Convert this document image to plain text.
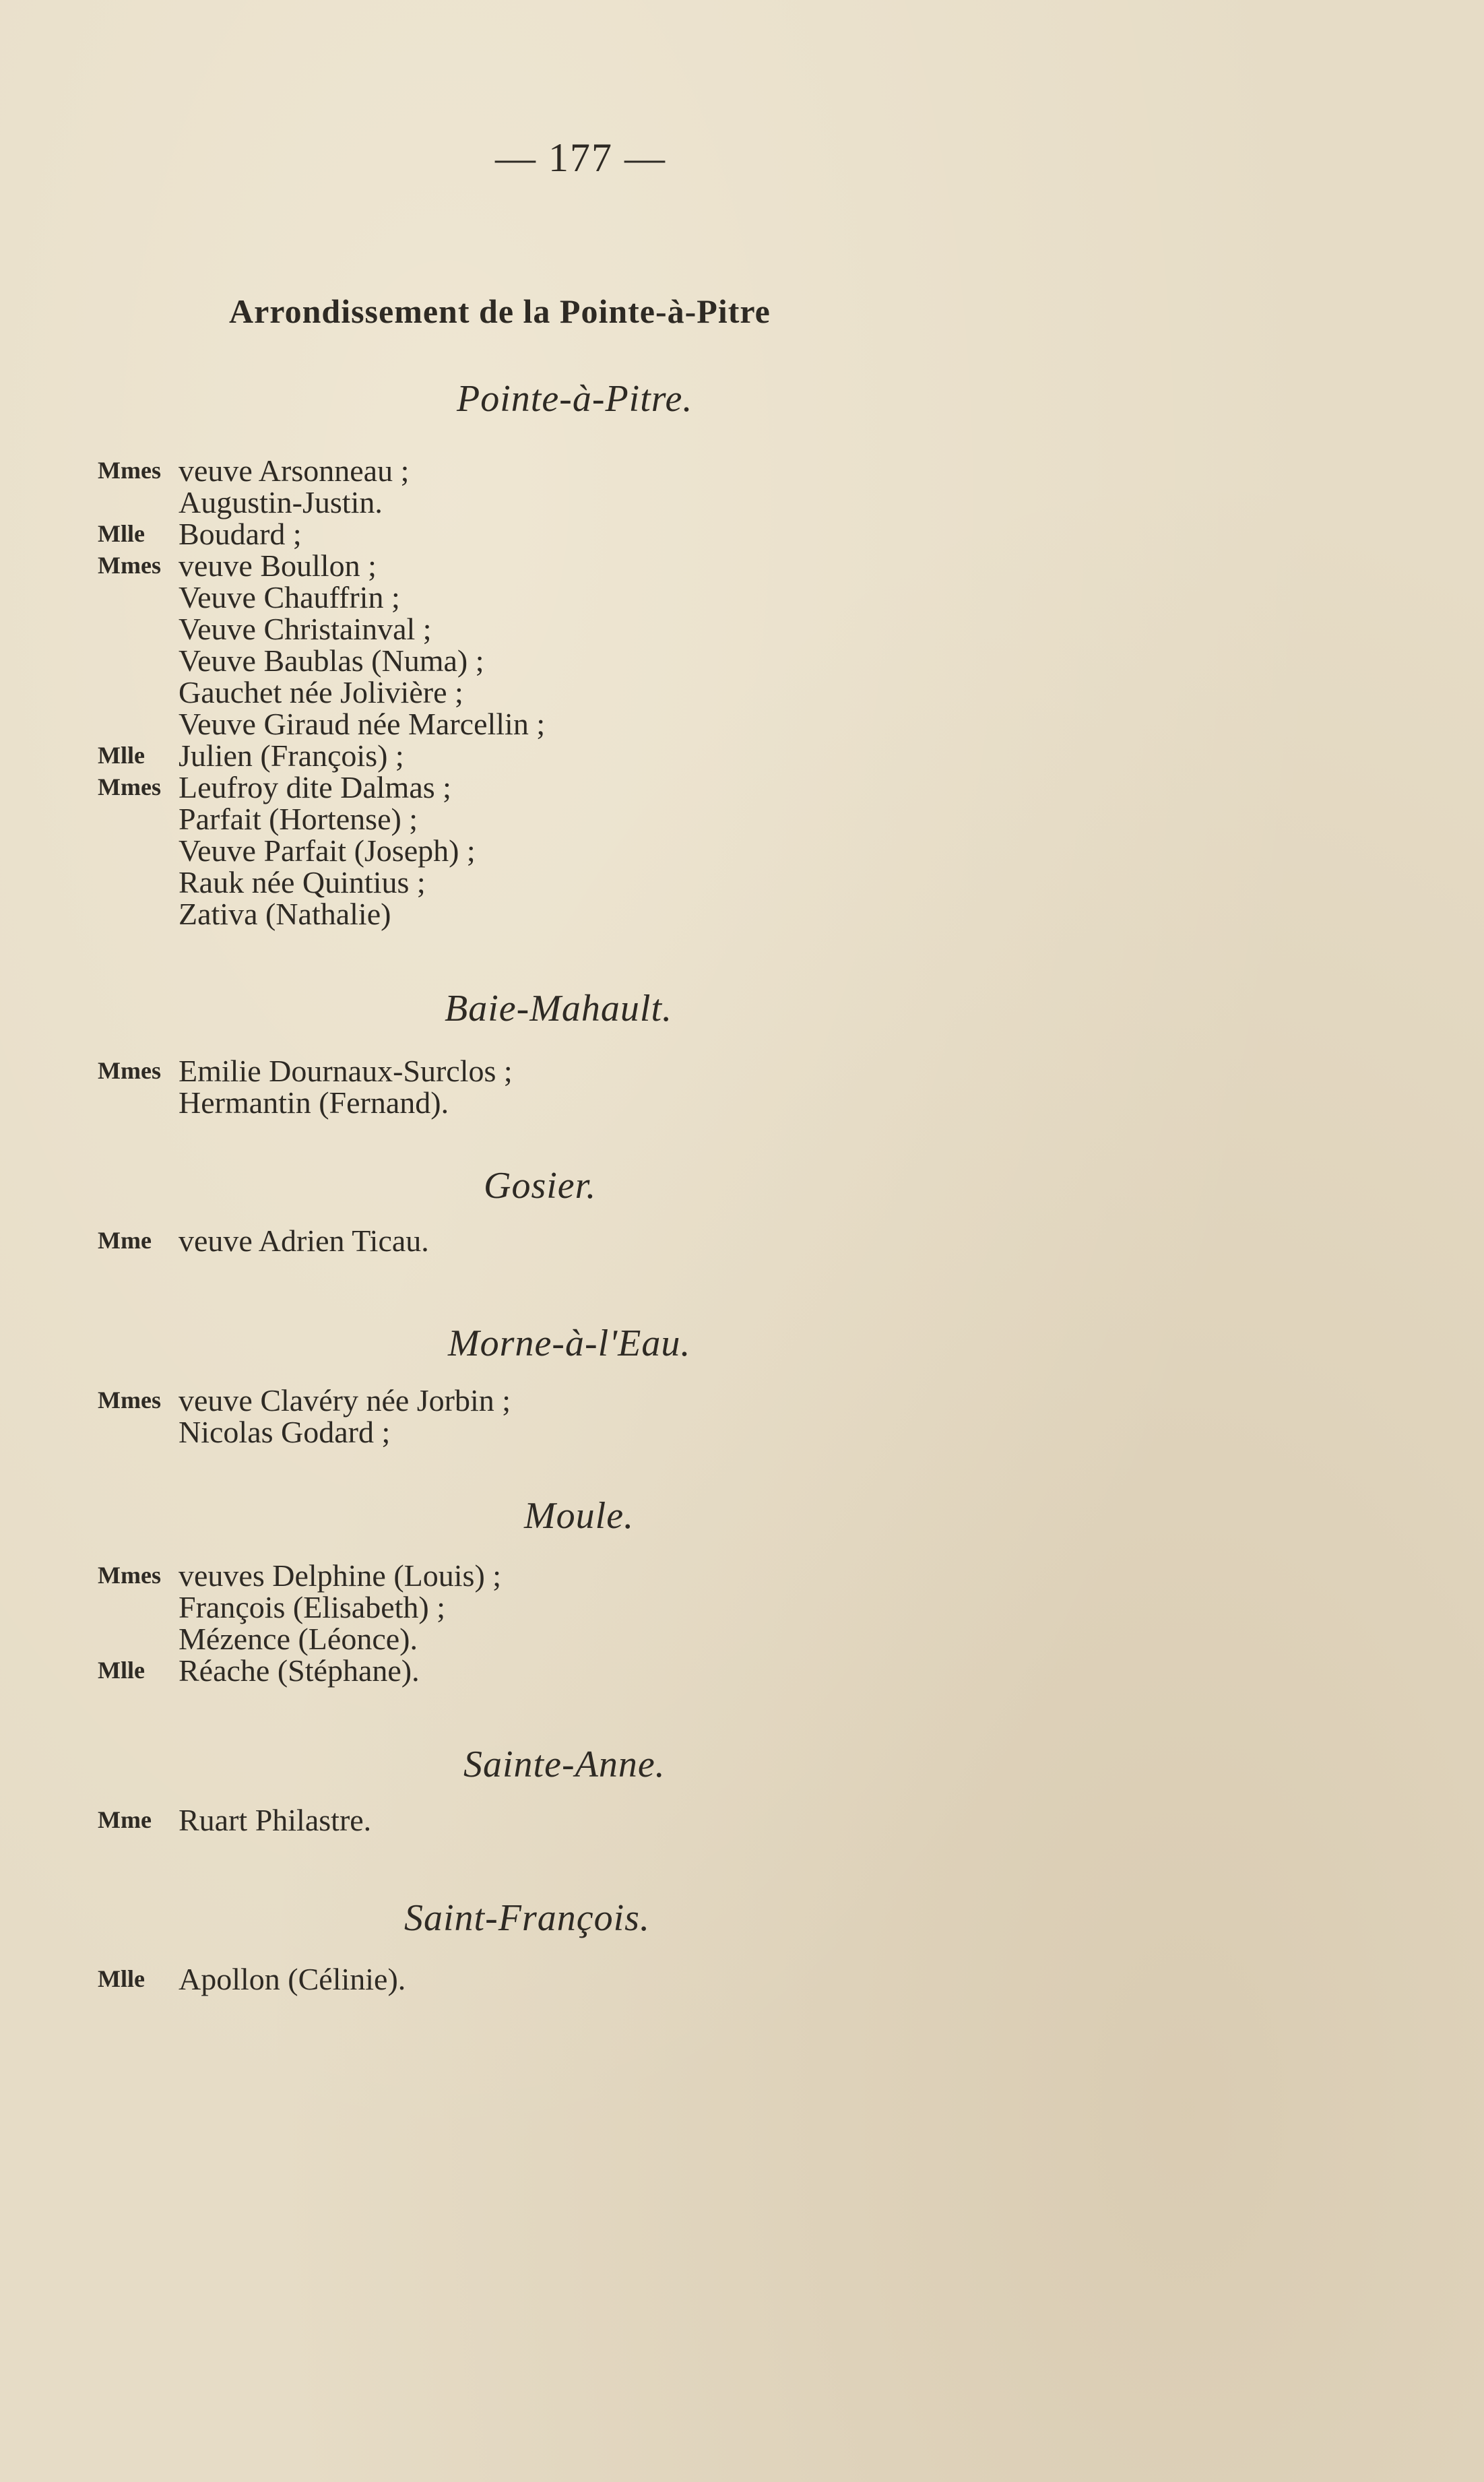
— 177 —
Arrondissement de la Pointe-à-Pitre
Pointe-à-Pitre.
Mmes veuve Arsonneau ;
Augustin-Justin.
Mlle	Boudard ;
Mmes veuve Boullon ;
Veuve Chauffrin ;
Veuve Christainval ;
Veuve Baublas (Numa) ;
Gauchet née Jolivière ;
Veuve Giraud née Marcellin ;
Mlle	Julien (François) ;
Mmes Leufroy dite Dalmas ;
Parfait (Hortense) ;
Veuve Parfait (Joseph) ;
Rauk née Quintius ;
Zativa (Nathalie)
Baie-Mahault.
Mmes Emilie Dournaux-Surclos ;
Hermantin (Fernand).
Gosier.
Mme veuve Adrien Ticau.
Morne-à-l'Eau.
Mmes veuve Clavéry née Jorbin ;
Nicolas Godard ;
Moule.
Mmes veuves Delphine (Louis) ;
François (Elisabeth) ;
Mézence (Léonce).
Mlle	Réache (Stéphane).
Sainte-Anne.
Mme Ruart Philastre.
Saint-François.
Mlle	Apollon (Célinie).
